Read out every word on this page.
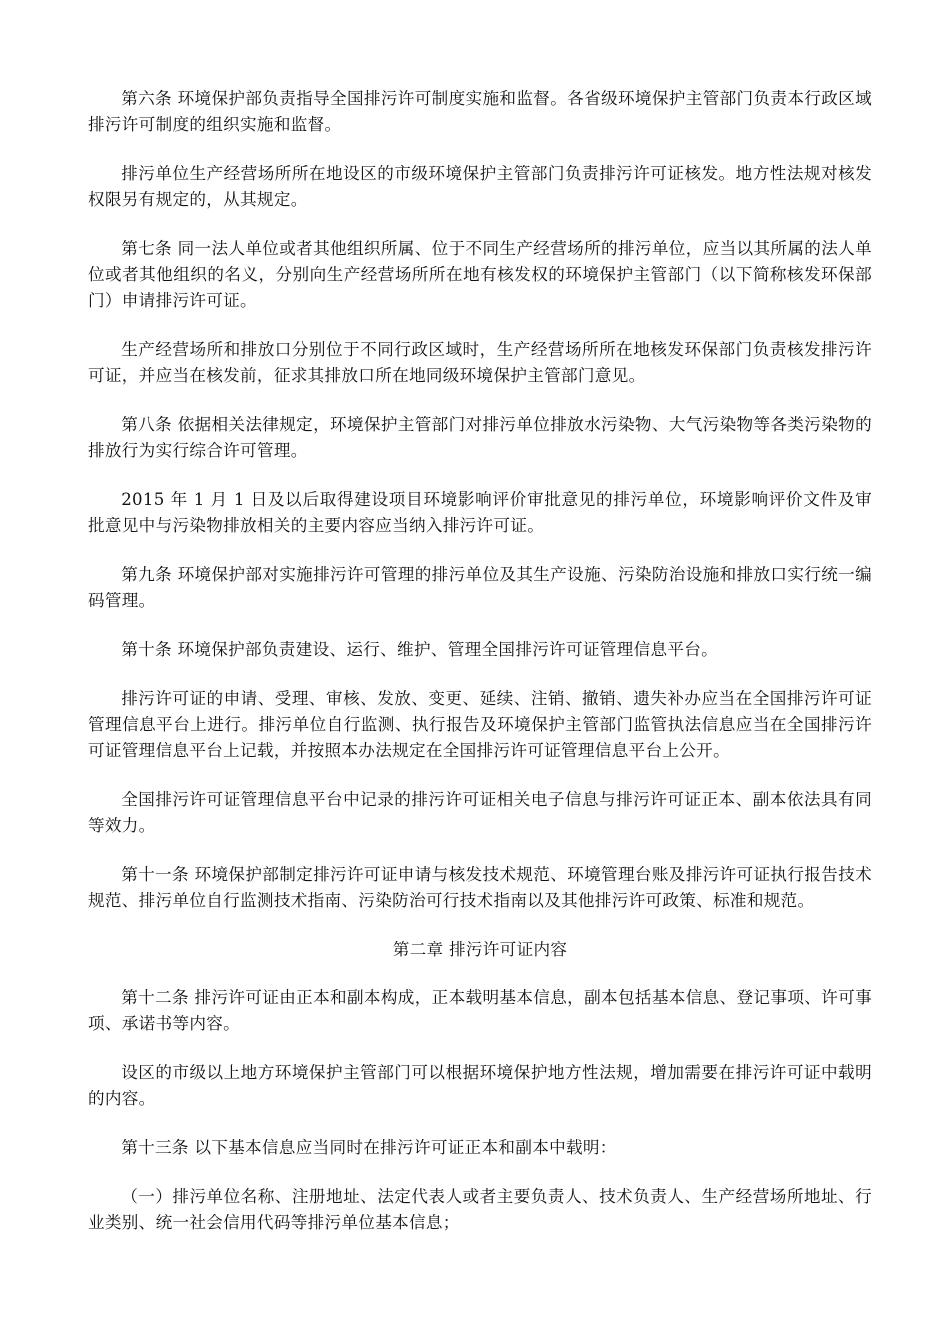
第六条 环境保护部负责指导全国排污许可制度实施和监督。各省级环境保护主管部门负责本行政区域排污许可制度的组织实施和监督。

排污单位生产经营场所所在地设区的市级环境保护主管部门负责排污许可证核发。地方性法规对核发权限另有规定的，从其规定。

第七条 同一法人单位或者其他组织所属、位于不同生产经营场所的排污单位，应当以其所属的法人单位或者其他组织的名义，分别向生产经营场所所在地有核发权的环境保护主管部门（以下简称核发环保部门）申请排污许可证。

生产经营场所和排放口分别位于不同行政区域时，生产经营场所所在地核发环保部门负责核发排污许可证，并应当在核发前，征求其排放口所在地同级环境保护主管部门意见。

第八条 依据相关法律规定，环境保护主管部门对排污单位排放水污染物、大气污染物等各类污染物的排放行为实行综合许可管理。

2015 年 1 月 1 日及以后取得建设项目环境影响评价审批意见的排污单位，环境影响评价文件及审批意见中与污染物排放相关的主要内容应当纳入排污许可证。

第九条 环境保护部对实施排污许可管理的排污单位及其生产设施、污染防治设施和排放口实行统一编码管理。

第十条 环境保护部负责建设、运行、维护、管理全国排污许可证管理信息平台。

排污许可证的申请、受理、审核、发放、变更、延续、注销、撤销、遗失补办应当在全国排污许可证管理信息平台上进行。排污单位自行监测、执行报告及环境保护主管部门监管执法信息应当在全国排污许可证管理信息平台上记载，并按照本办法规定在全国排污许可证管理信息平台上公开。

全国排污许可证管理信息平台中记录的排污许可证相关电子信息与排污许可证正本、副本依法具有同等效力。

第十一条 环境保护部制定排污许可证申请与核发技术规范、环境管理台账及排污许可证执行报告技术规范、排污单位自行监测技术指南、污染防治可行技术指南以及其他排污许可政策、标准和规范。

第二章 排污许可证内容

第十二条 排污许可证由正本和副本构成，正本载明基本信息，副本包括基本信息、登记事项、许可事项、承诺书等内容。

设区的市级以上地方环境保护主管部门可以根据环境保护地方性法规，增加需要在排污许可证中载明的内容。

第十三条 以下基本信息应当同时在排污许可证正本和副本中载明：

（一）排污单位名称、注册地址、法定代表人或者主要负责人、技术负责人、生产经营场所地址、行业类别、统一社会信用代码等排污单位基本信息；
